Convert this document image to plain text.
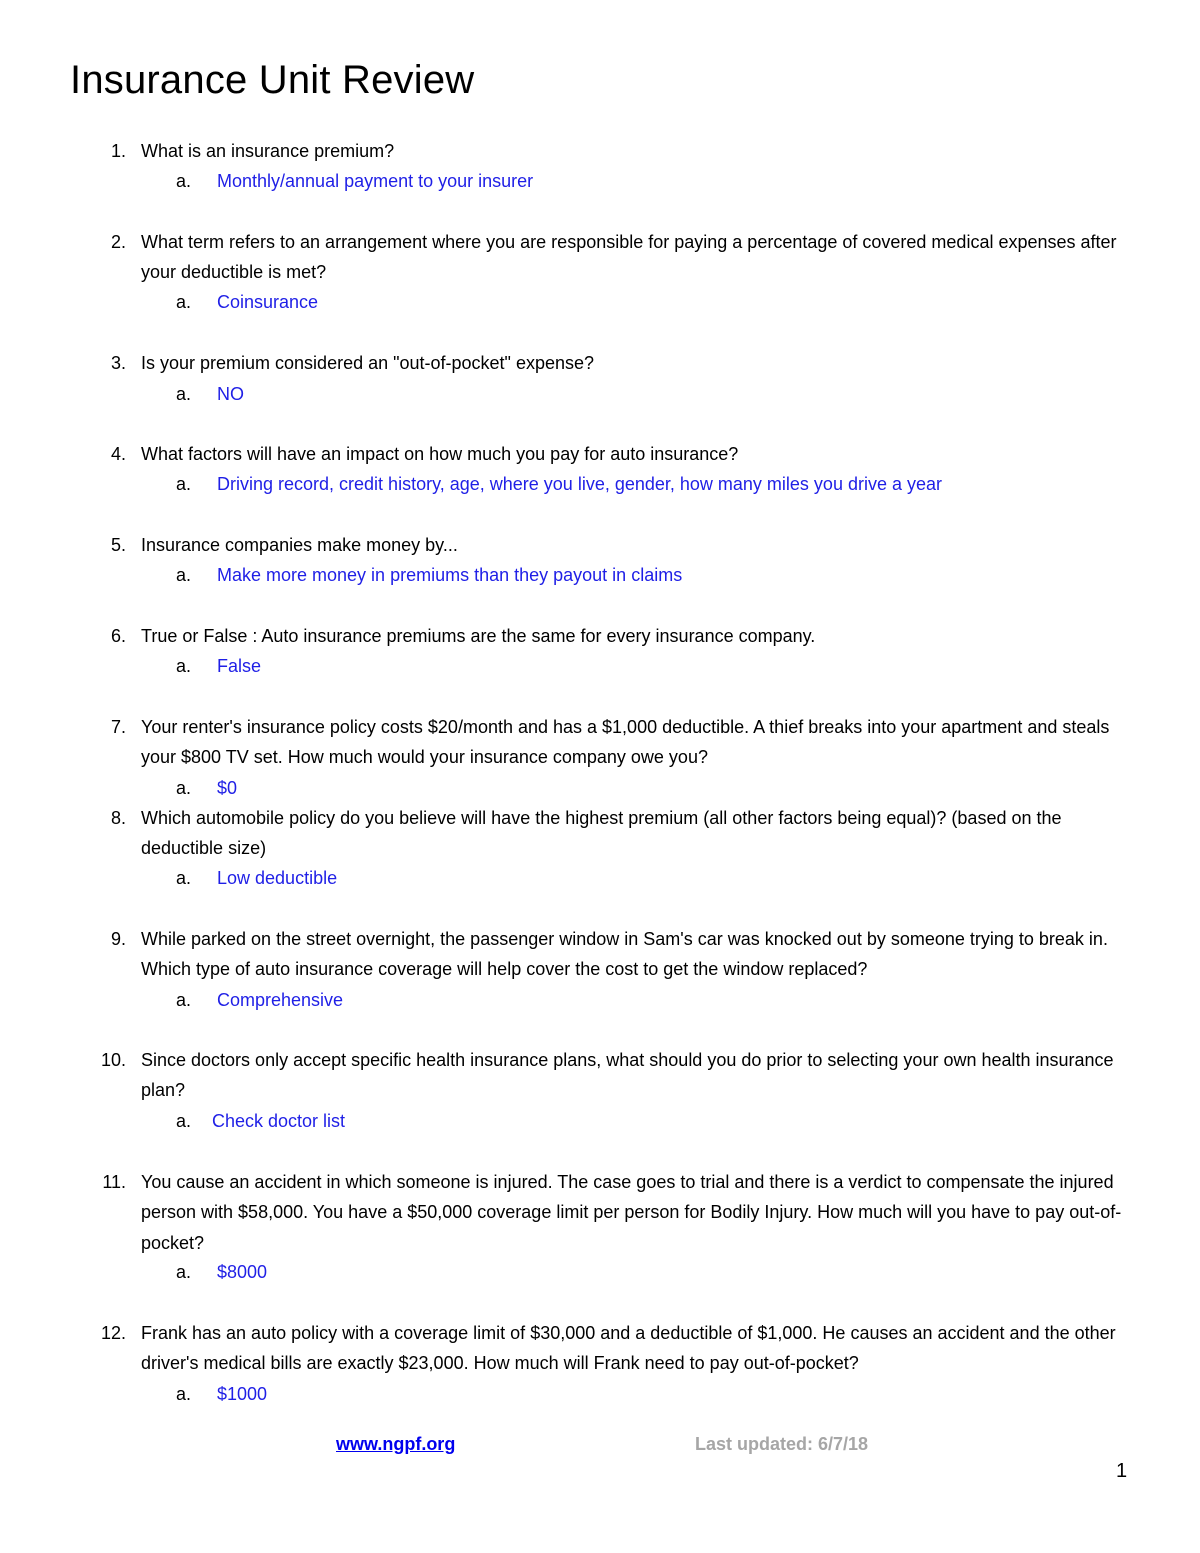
Insurance Unit Review
1. What is an insurance premium?
a. Monthly/annual payment to your insurer
2. What term refers to an arrangement where you are responsible for paying a percentage of covered medical expenses after your deductible is met?
a. Coinsurance
3. Is your premium considered an "out-of-pocket" expense?
a. NO
4. What factors will have an impact on how much you pay for auto insurance?
a. Driving record, credit history, age, where you live, gender, how many miles you drive a year
5. Insurance companies make money by...
a. Make more money in premiums than they payout in claims
6. True or False : Auto insurance premiums are the same for every insurance company.
a. False
7. Your renter's insurance policy costs $20/month and has a $1,000 deductible. A thief breaks into your apartment and steals your $800 TV set. How much would your insurance company owe you?
a. $0
8. Which automobile policy do you believe will have the highest premium (all other factors being equal)? (based on the deductible size)
a. Low deductible
9. While parked on the street overnight, the passenger window in Sam's car was knocked out by someone trying to break in. Which type of auto insurance coverage will help cover the cost to get the window replaced?
a. Comprehensive
10. Since doctors only accept specific health insurance plans, what should you do prior to selecting your own health insurance plan?
a. Check doctor list
11. You cause an accident in which someone is injured. The case goes to trial and there is a verdict to compensate the injured person with $58,000. You have a $50,000 coverage limit per person for Bodily Injury. How much will you have to pay out-of-pocket?
a. $8000
12. Frank has an auto policy with a coverage limit of $30,000 and a deductible of $1,000. He causes an accident and the other driver's medical bills are exactly $23,000. How much will Frank need to pay out-of-pocket?
a. $1000
www.ngpf.org	Last updated: 6/7/18
1
